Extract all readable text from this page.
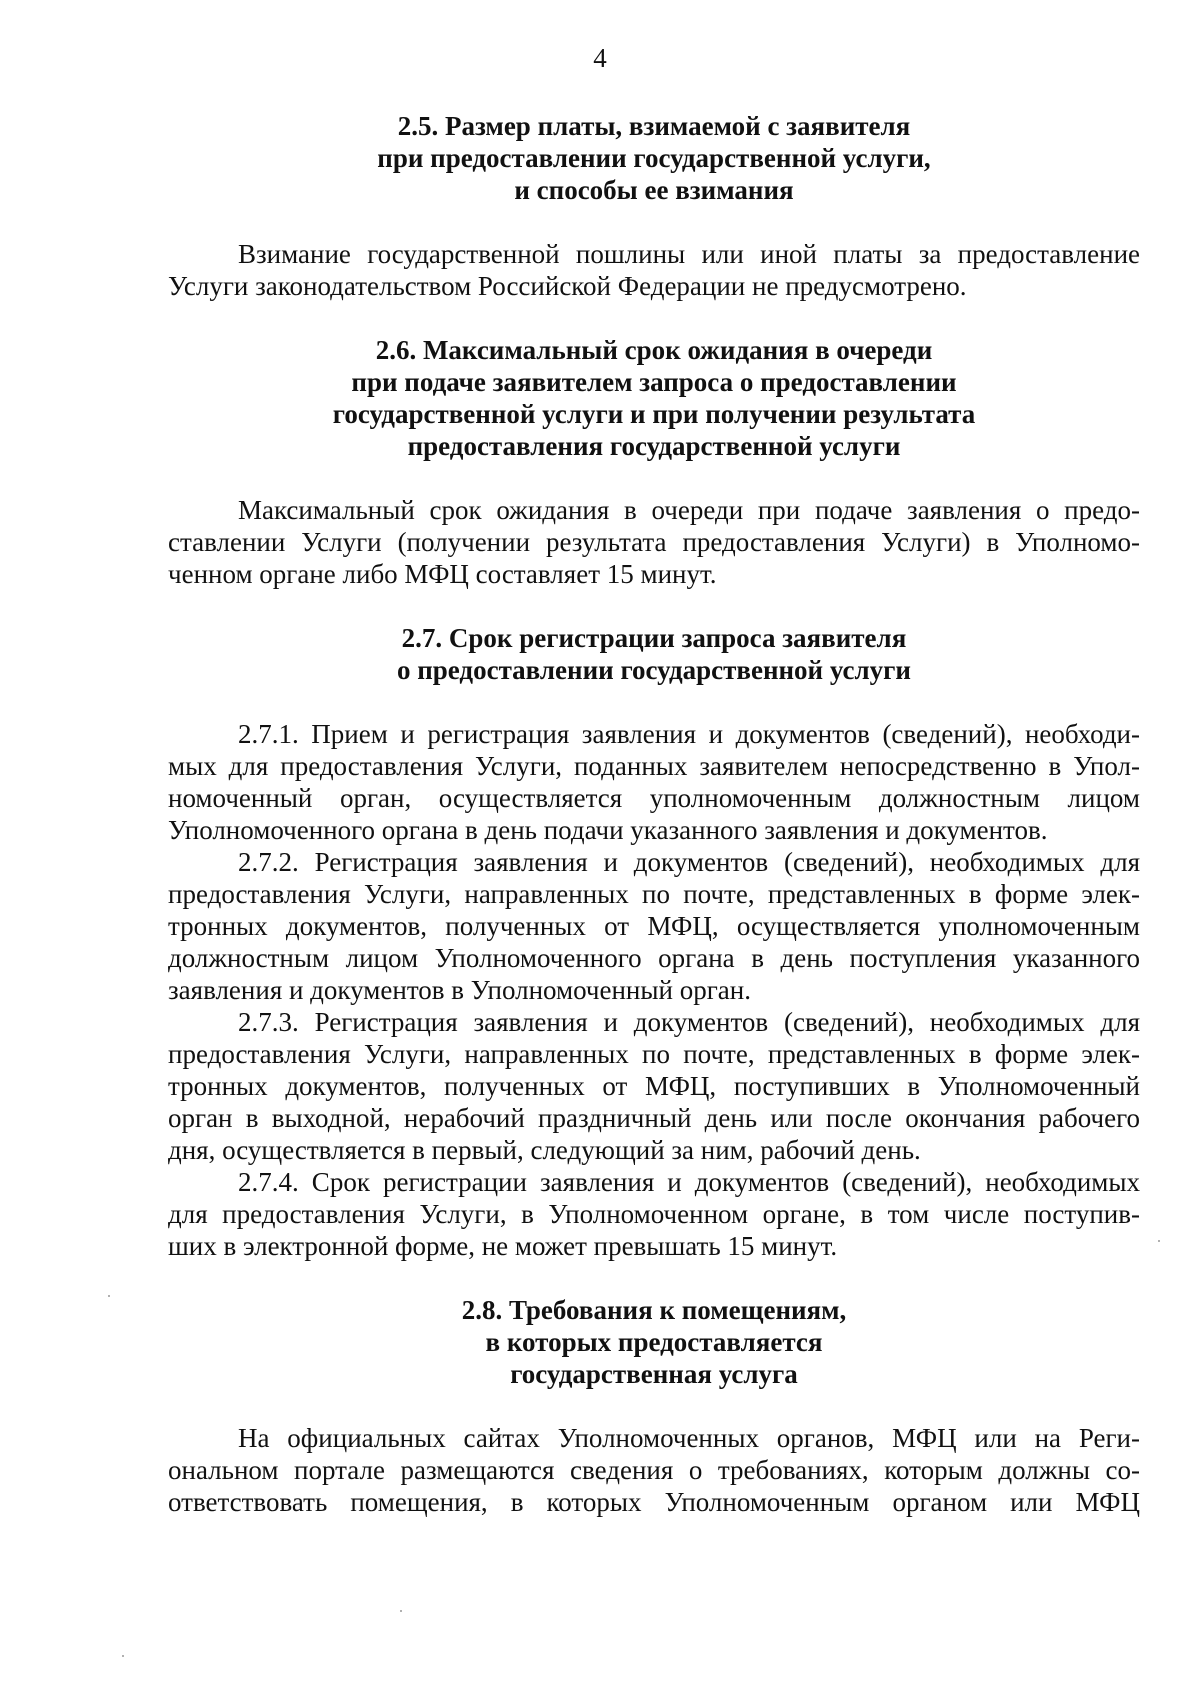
4
2.5. Размер платы, взимаемой с заявителя
при предоставлении государственной услуги,
и способы ее взимания
Взимание государственной пошлины или иной платы за предоставление
Услуги законодательством Российской Федерации не предусмотрено.
2.6. Максимальный срок ожидания в очереди
при подаче заявителем запроса о предоставлении
государственной услуги и при получении результата
предоставления государственной услуги
Максимальный срок ожидания в очереди при подаче заявления о предо-
ставлении Услуги (получении результата предоставления Услуги) в Уполномо-
ченном органе либо МФЦ составляет 15 минут.
2.7. Срок регистрации запроса заявителя
о предоставлении государственной услуги
2.7.1. Прием и регистрация заявления и документов (сведений), необходи-
мых для предоставления Услуги, поданных заявителем непосредственно в Упол-
номоченный орган, осуществляется уполномоченным должностным лицом
Уполномоченного органа в день подачи указанного заявления и документов.
2.7.2. Регистрация заявления и документов (сведений), необходимых для
предоставления Услуги, направленных по почте, представленных в форме элек-
тронных документов, полученных от МФЦ, осуществляется уполномоченным
должностным лицом Уполномоченного органа в день поступления указанного
заявления и документов в Уполномоченный орган.
2.7.3. Регистрация заявления и документов (сведений), необходимых для
предоставления Услуги, направленных по почте, представленных в форме элек-
тронных документов, полученных от МФЦ, поступивших в Уполномоченный
орган в выходной, нерабочий праздничный день или после окончания рабочего
дня, осуществляется в первый, следующий за ним, рабочий день.
2.7.4. Срок регистрации заявления и документов (сведений), необходимых
для предоставления Услуги, в Уполномоченном органе, в том числе поступив-
ших в электронной форме, не может превышать 15 минут.
2.8. Требования к помещениям,
в которых предоставляется
государственная услуга
На официальных сайтах Уполномоченных органов, МФЦ или на Реги-
ональном портале размещаются сведения о требованиях, которым должны со-
ответствовать помещения, в которых Уполномоченным органом или МФЦ
